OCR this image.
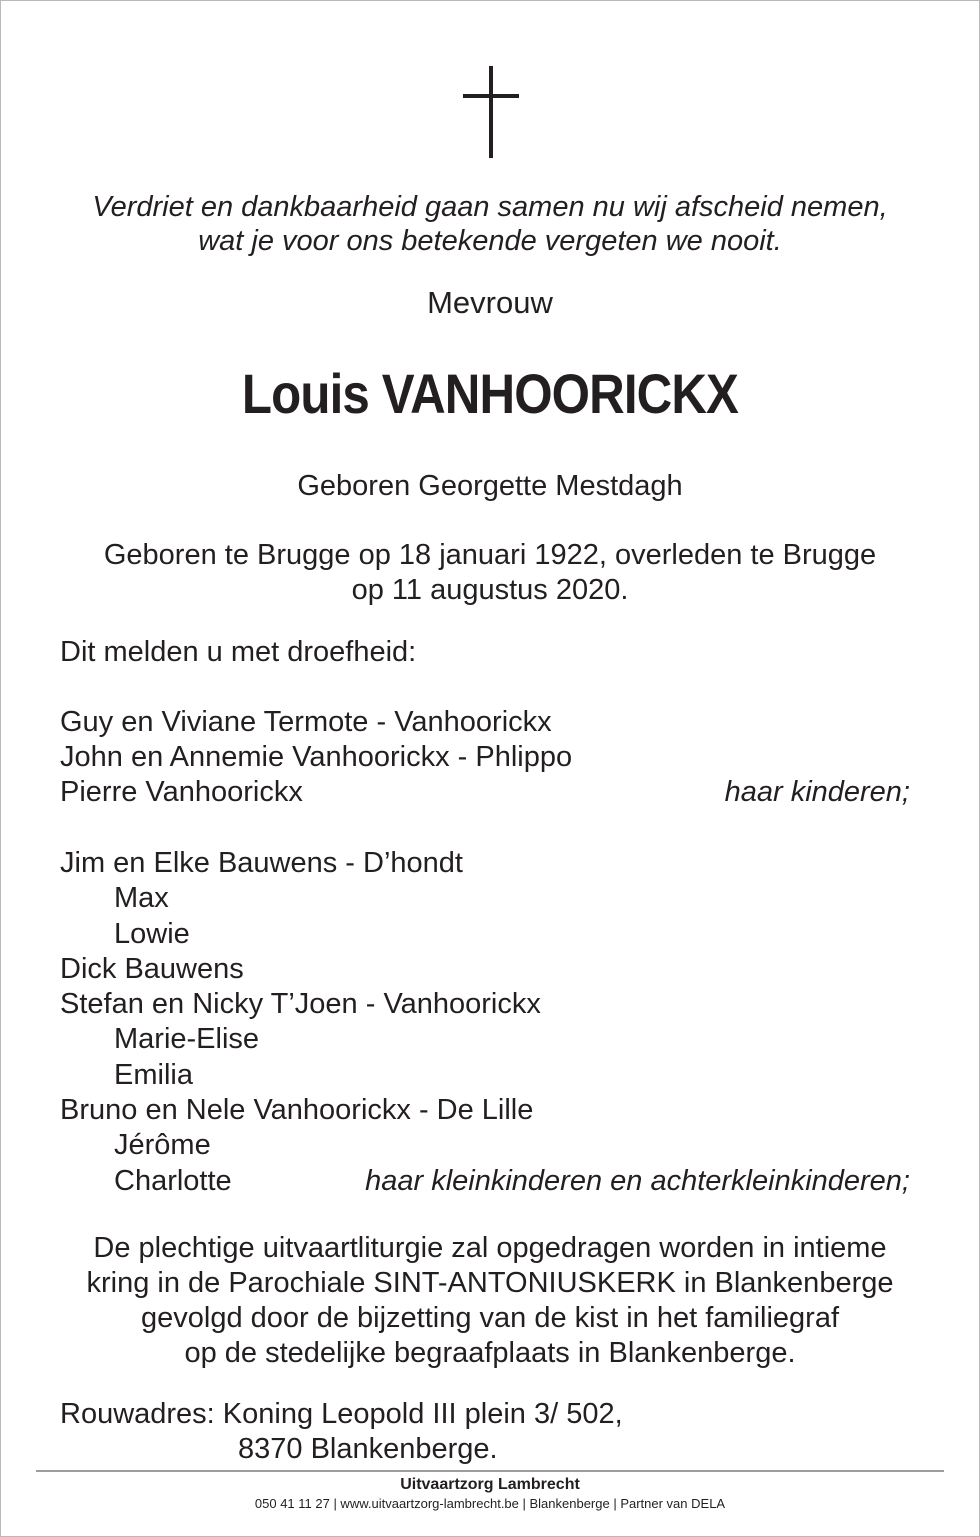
Verdriet en dankbaarheid gaan samen nu wij afscheid nemen,
wat je voor ons betekende vergeten we nooit.
Mevrouw
Louis VANHOORICKX
Geboren Georgette Mestdagh
Geboren te Brugge op 18 januari 1922, overleden te Brugge
op 11 augustus 2020.
Dit melden u met droefheid:
Guy en Viviane Termote - Vanhoorickx
John en Annemie Vanhoorickx - Phlippo
Pierre Vanhoorickx	haar kinderen;
Jim en Elke Bauwens - D’hondt
Max
Lowie
Dick Bauwens
Stefan en Nicky T’Joen - Vanhoorickx
Marie-Elise
Emilia
Bruno en Nele Vanhoorickx - De Lille
Jérôme
Charlotte	haar kleinkinderen en achterkleinkinderen;
De plechtige uitvaartliturgie zal opgedragen worden in intieme
kring in de Parochiale SINT-ANTONIUSKERK in Blankenberge
gevolgd door de bijzetting van de kist in het familiegraf
op de stedelijke begraafplaats in Blankenberge.
Rouwadres: Koning Leopold III plein 3/ 502,
8370 Blankenberge.
Uitvaartzorg Lambrecht
050 41 11 27 | www.uitvaartzorg-lambrecht.be | Blankenberge | Partner van DELA
